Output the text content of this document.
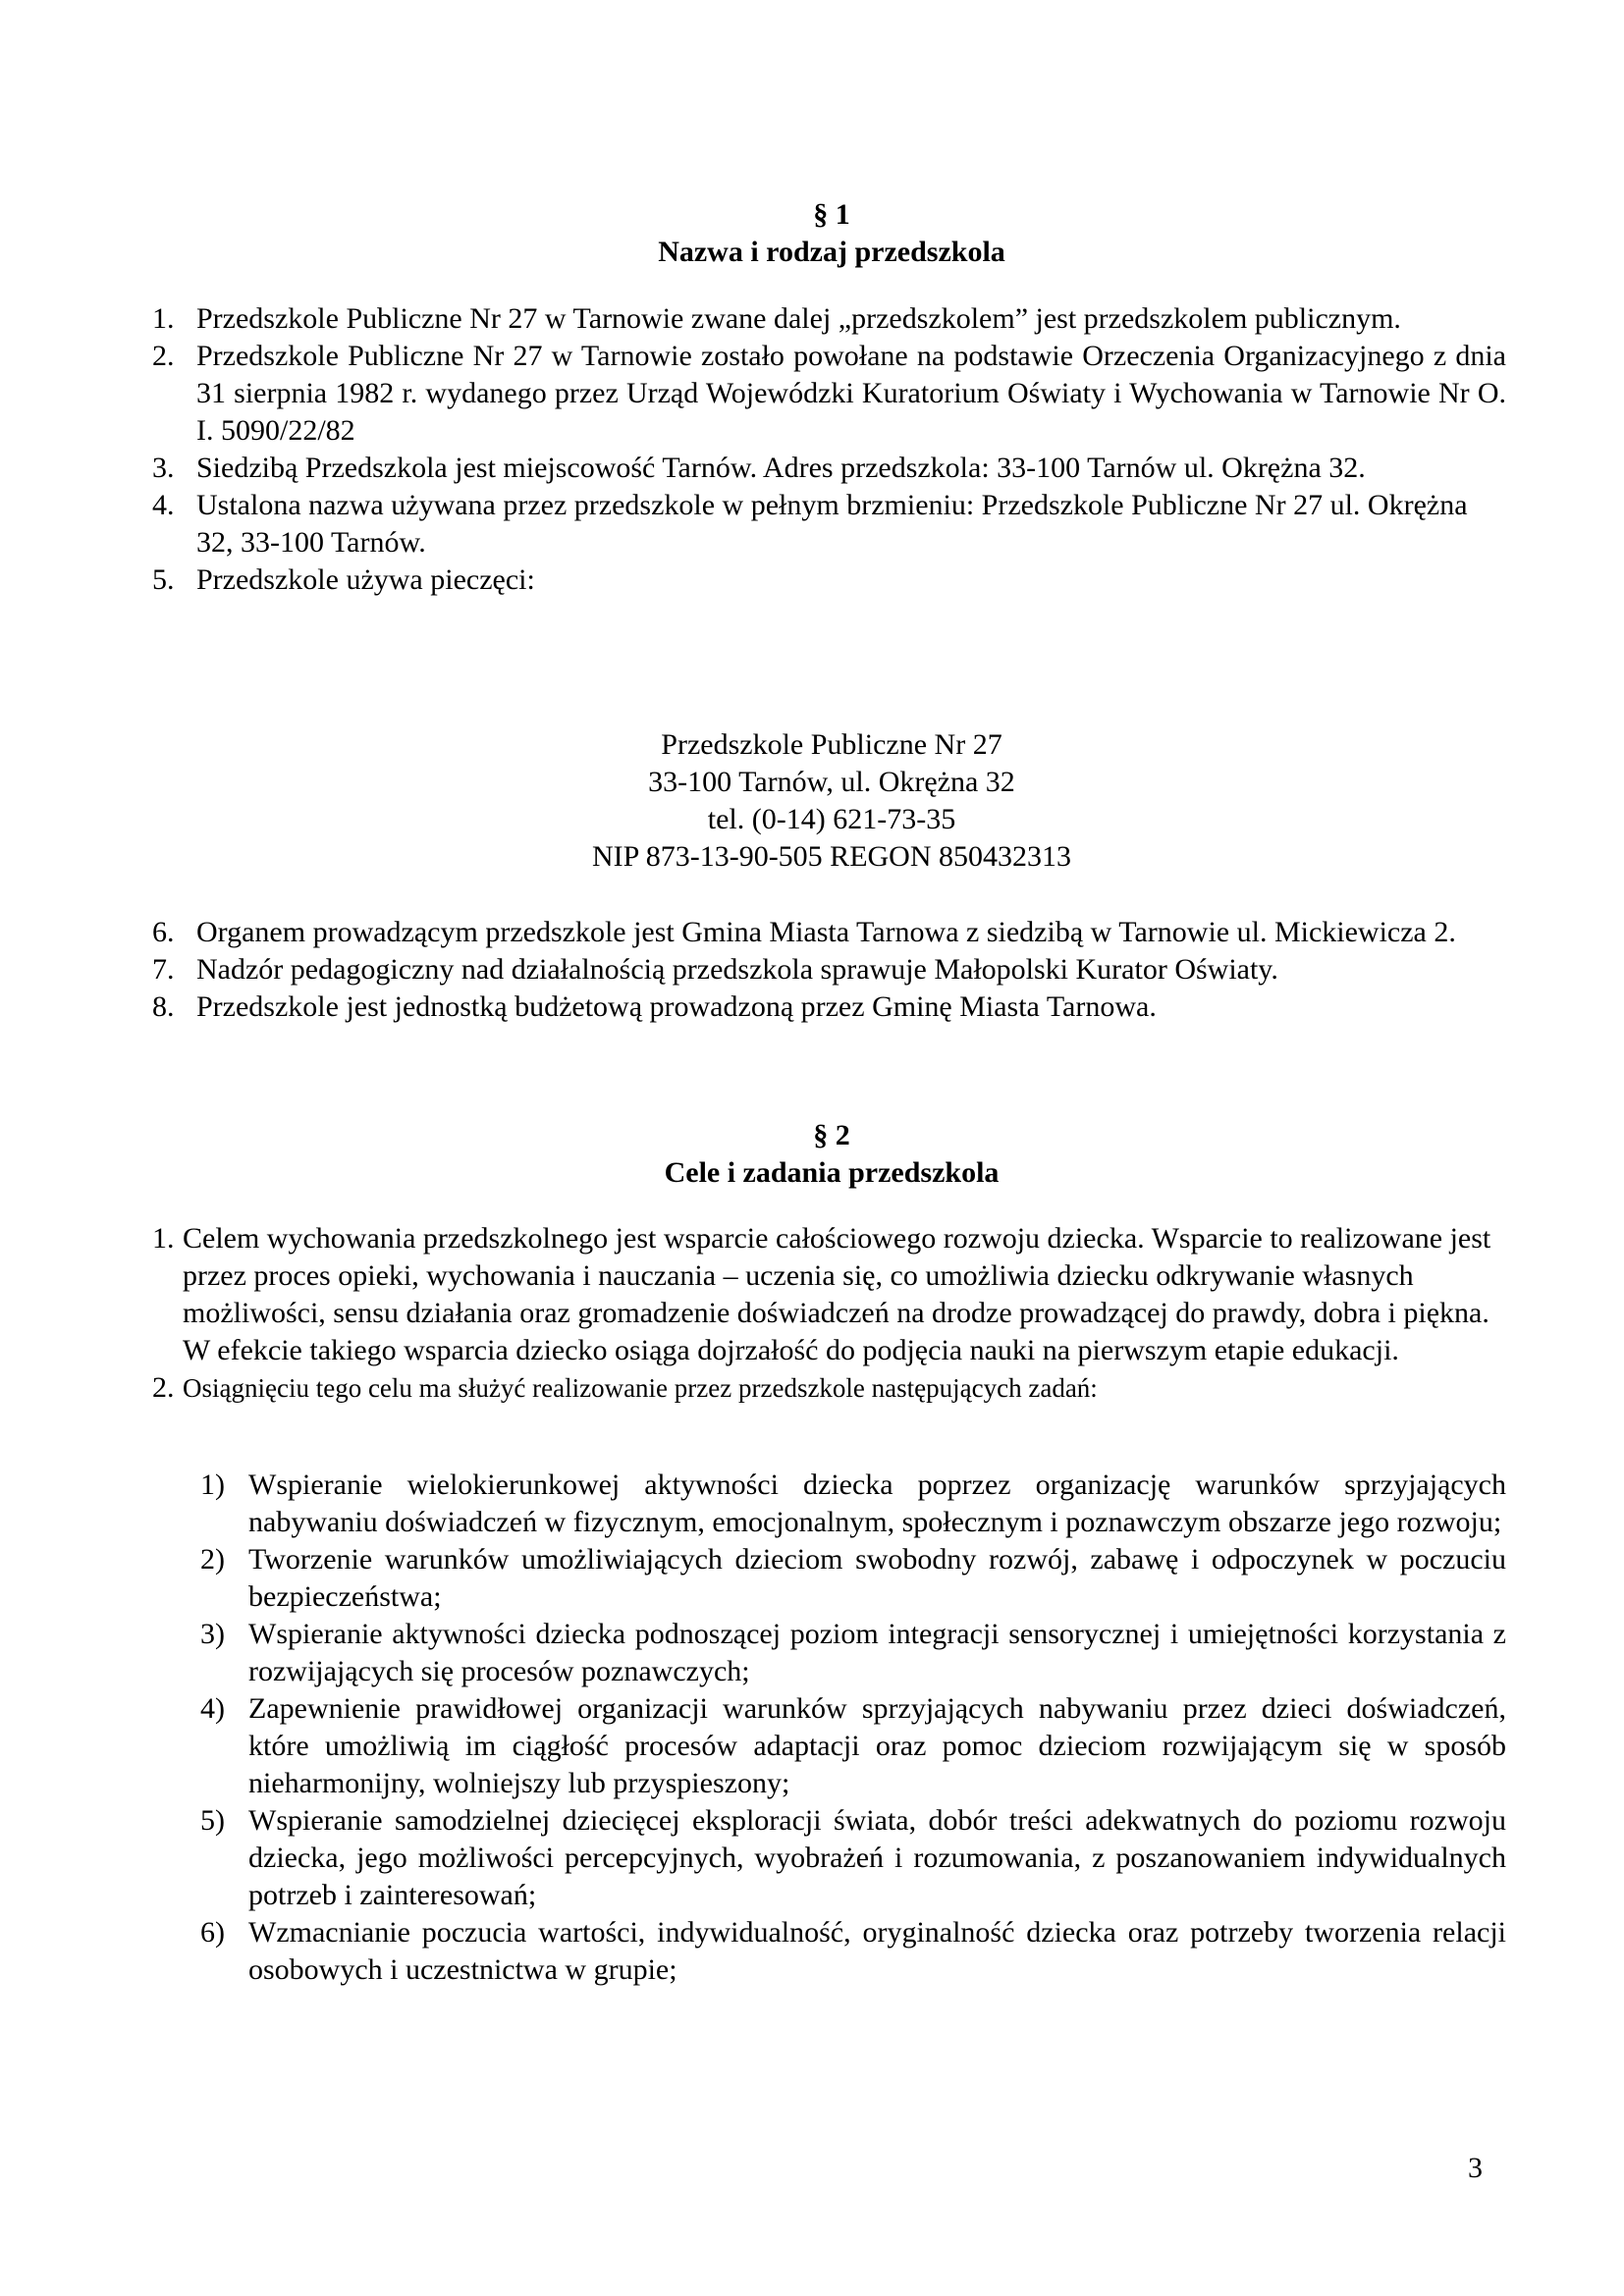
§ 1
Nazwa i rodzaj przedszkola
1. Przedszkole Publiczne Nr 27 w Tarnowie zwane dalej „przedszkolem” jest przedszkolem publicznym.
2. Przedszkole Publiczne Nr 27 w Tarnowie zostało powołane na podstawie Orzeczenia Organizacyjnego z dnia 31 sierpnia 1982 r. wydanego przez Urząd Wojewódzki Kuratorium Oświaty i Wychowania w Tarnowie Nr O. I. 5090/22/82
3. Siedzibą Przedszkola jest miejscowość Tarnów. Adres przedszkola: 33-100 Tarnów ul. Okrężna 32.
4. Ustalona nazwa używana przez przedszkole w pełnym brzmieniu: Przedszkole Publiczne Nr 27 ul. Okrężna 32, 33-100 Tarnów.
5. Przedszkole używa pieczęci:
Przedszkole Publiczne Nr 27
33-100 Tarnów, ul. Okrężna 32
tel. (0-14) 621-73-35
NIP 873-13-90-505 REGON 850432313
6. Organem prowadzącym przedszkole jest Gmina Miasta Tarnowa z siedzibą w Tarnowie ul. Mickiewicza 2.
7. Nadzór pedagogiczny nad działalnością przedszkola sprawuje Małopolski Kurator Oświaty.
8. Przedszkole jest jednostką budżetową prowadzoną przez Gminę Miasta Tarnowa.
§ 2
Cele i zadania przedszkola
1. Celem wychowania przedszkolnego jest wsparcie całościowego rozwoju dziecka. Wsparcie to realizowane jest przez proces opieki, wychowania i nauczania – uczenia się, co umożliwia dziecku odkrywanie własnych możliwości, sensu działania oraz gromadzenie doświadczeń na drodze prowadzącej do prawdy, dobra i piękna. W efekcie takiego wsparcia dziecko osiąga dojrzałość do podjęcia nauki na pierwszym etapie edukacji.
2. Osiągnięciu tego celu ma służyć realizowanie przez przedszkole następujących zadań:
1) Wspieranie wielokierunkowej aktywności dziecka poprzez organizację warunków sprzyjających nabywaniu doświadczeń w fizycznym, emocjonalnym, społecznym i poznawczym obszarze jego rozwoju;
2) Tworzenie warunków umożliwiających dzieciom swobodny rozwój, zabawę i odpoczynek w poczuciu bezpieczeństwa;
3) Wspieranie aktywności dziecka podnoszącej poziom integracji sensorycznej i umiejętności korzystania z rozwijających się procesów poznawczych;
4) Zapewnienie prawidłowej organizacji warunków sprzyjających nabywaniu przez dzieci doświadczeń, które umożliwią im ciągłość procesów adaptacji oraz pomoc dzieciom rozwijającym się w sposób nieharmonijny, wolniejszy lub przyspieszony;
5) Wspieranie samodzielnej dziecięcej eksploracji świata, dobór treści adekwatnych do poziomu rozwoju dziecka, jego możliwości percepcyjnych, wyobrażeń i rozumowania, z poszanowaniem indywidualnych potrzeb i zainteresowań;
6) Wzmacnianie poczucia wartości, indywidualność, oryginalność dziecka oraz potrzeby tworzenia relacji osobowych i uczestnictwa w grupie;
3
